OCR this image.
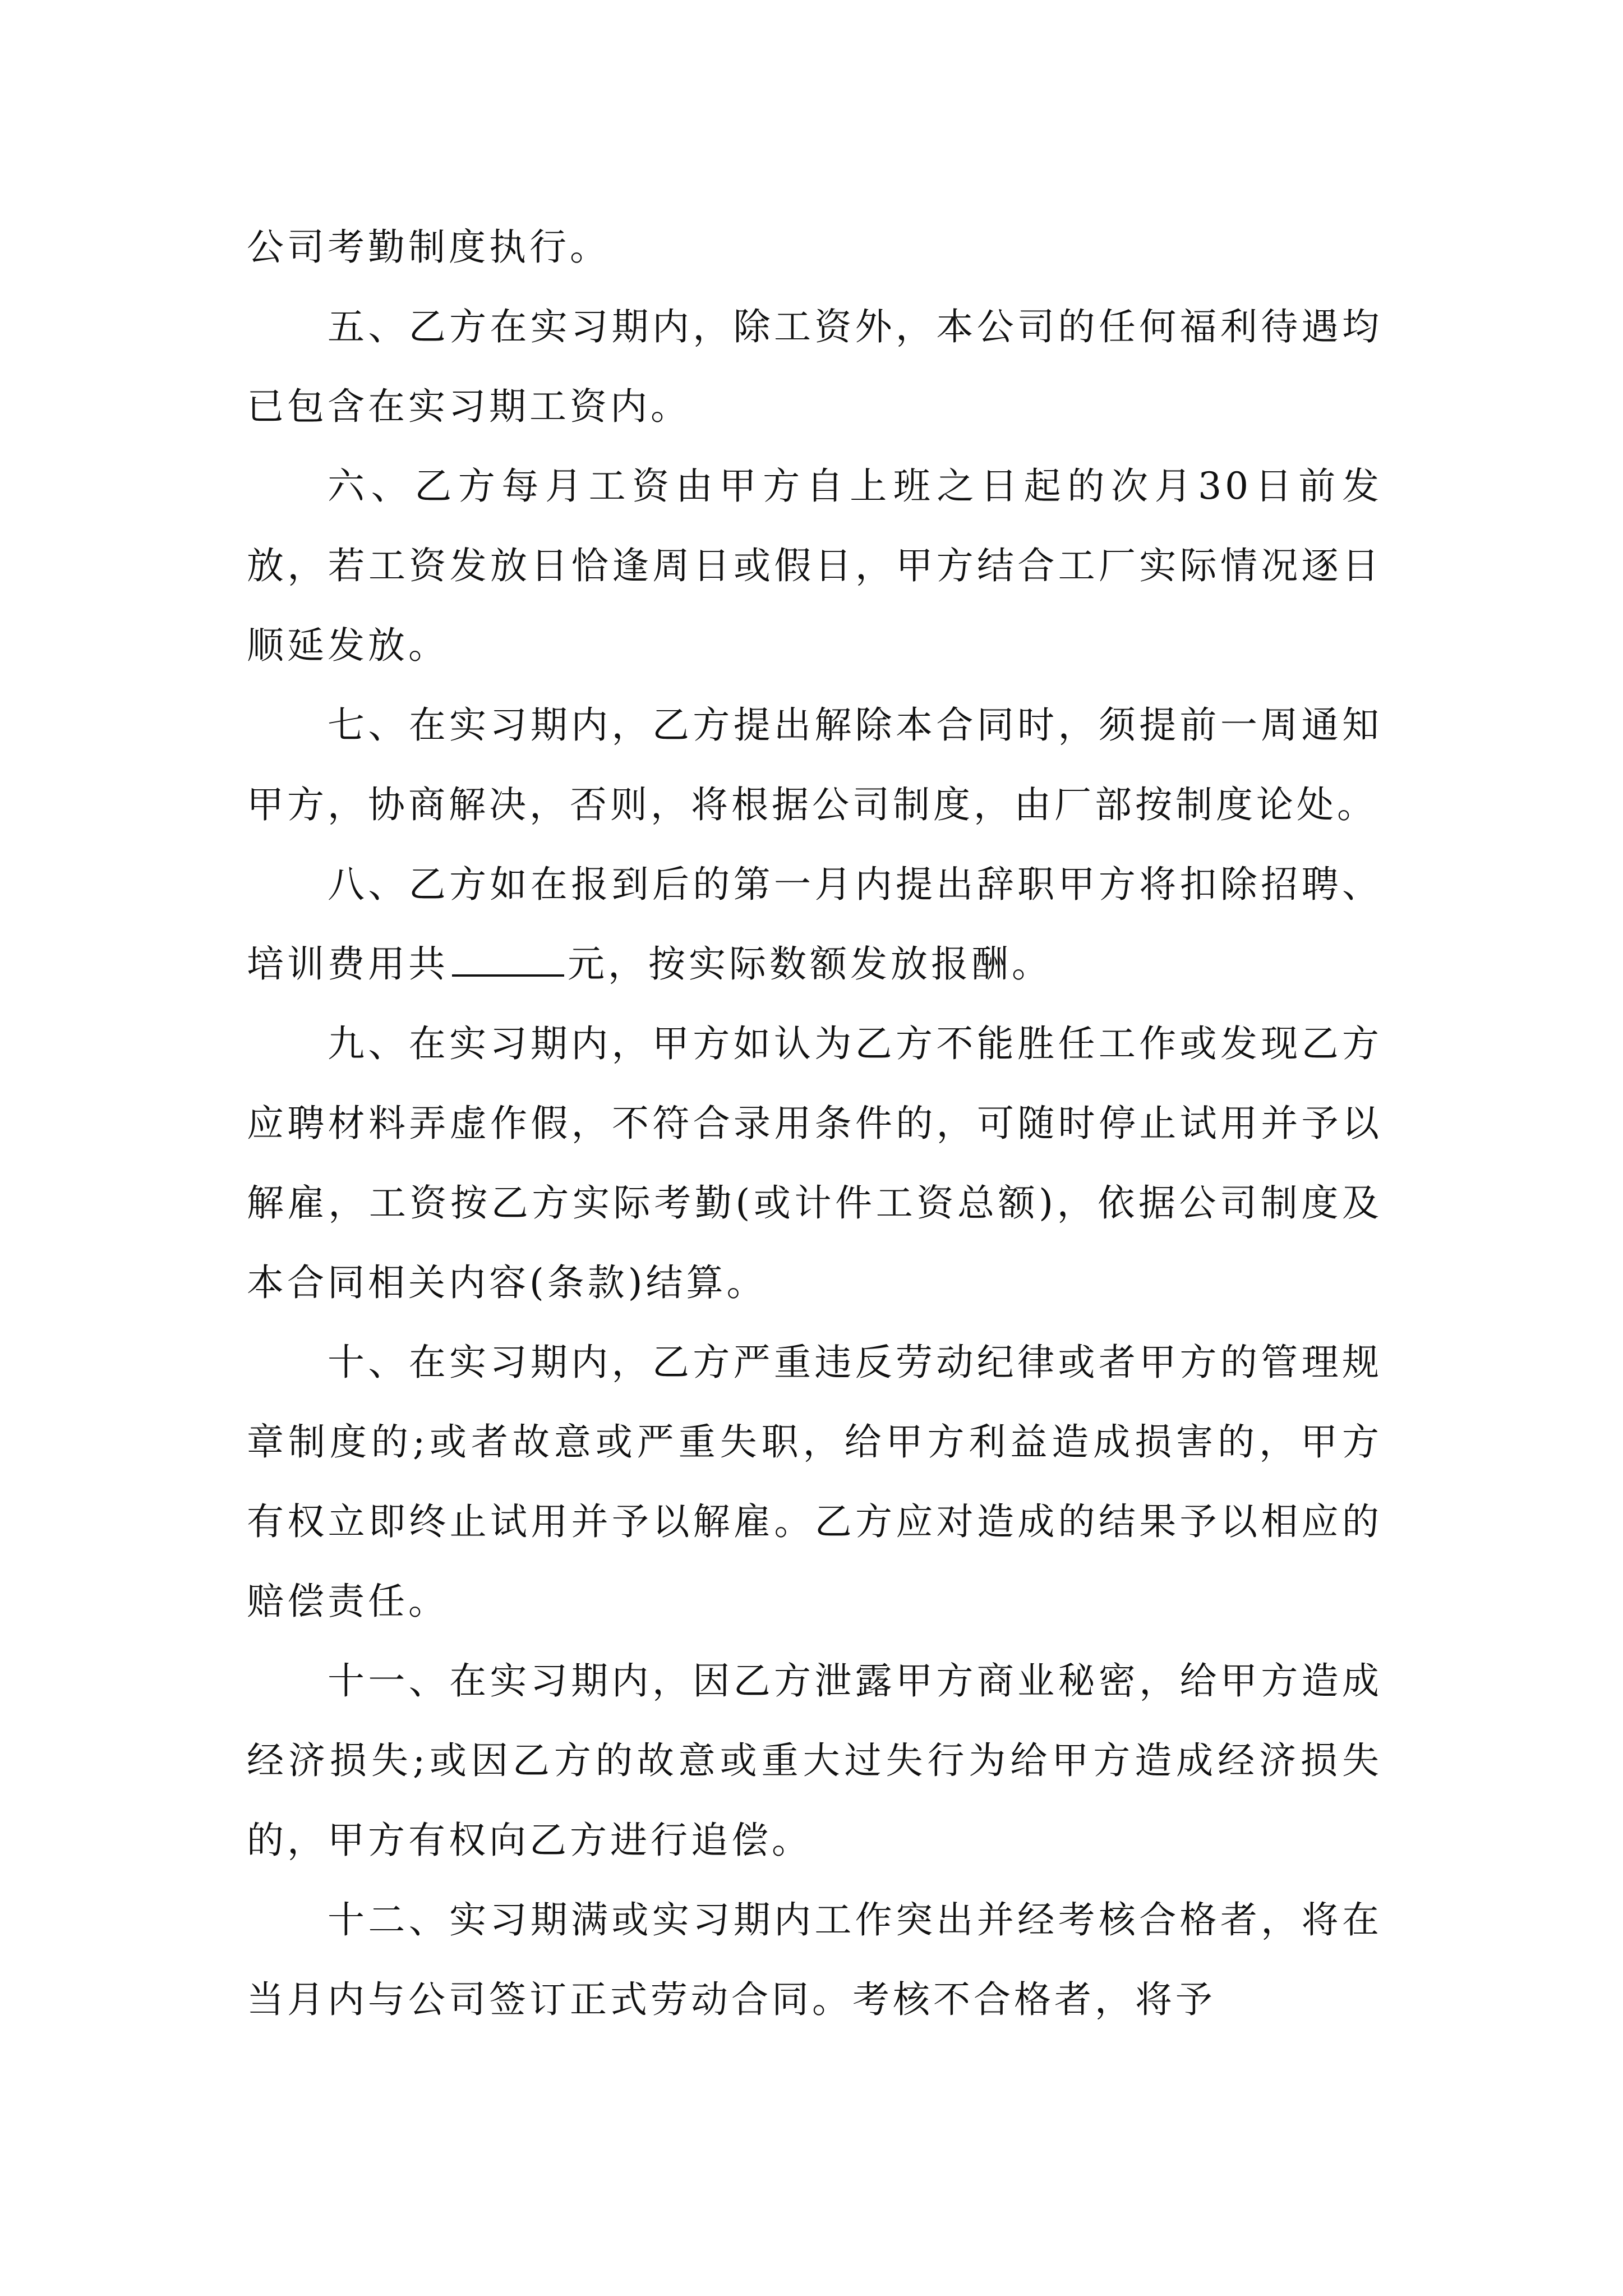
公司考勤制度执行。

五、乙方在实习期内，除工资外，本公司的任何福利待遇均已包含在实习期工资内。

六、乙方每月工资由甲方自上班之日起的次月30日前发放，若工资发放日恰逢周日或假日，甲方结合工厂实际情况逐日顺延发放。

七、在实习期内，乙方提出解除本合同时，须提前一周通知甲方，协商解决，否则，将根据公司制度，由厂部按制度论处。

八、乙方如在报到后的第一月内提出辞职甲方将扣除招聘、培训费用共	元，按实际数额发放报酬。

九、在实习期内，甲方如认为乙方不能胜任工作或发现乙方应聘材料弄虚作假，不符合录用条件的，可随时停止试用并予以解雇，工资按乙方实际考勤(或计件工资总额)，依据公司制度及本合同相关内容(条款)结算。

十、在实习期内，乙方严重违反劳动纪律或者甲方的管理规章制度的;或者故意或严重失职，给甲方利益造成损害的，甲方有权立即终止试用并予以解雇。乙方应对造成的结果予以相应的赔偿责任。

十一、在实习期内，因乙方泄露甲方商业秘密，给甲方造成经济损失;或因乙方的故意或重大过失行为给甲方造成经济损失的，甲方有权向乙方进行追偿。

十二、实习期满或实习期内工作突出并经考核合格者，将在当月内与公司签订正式劳动合同。考核不合格者，将予
